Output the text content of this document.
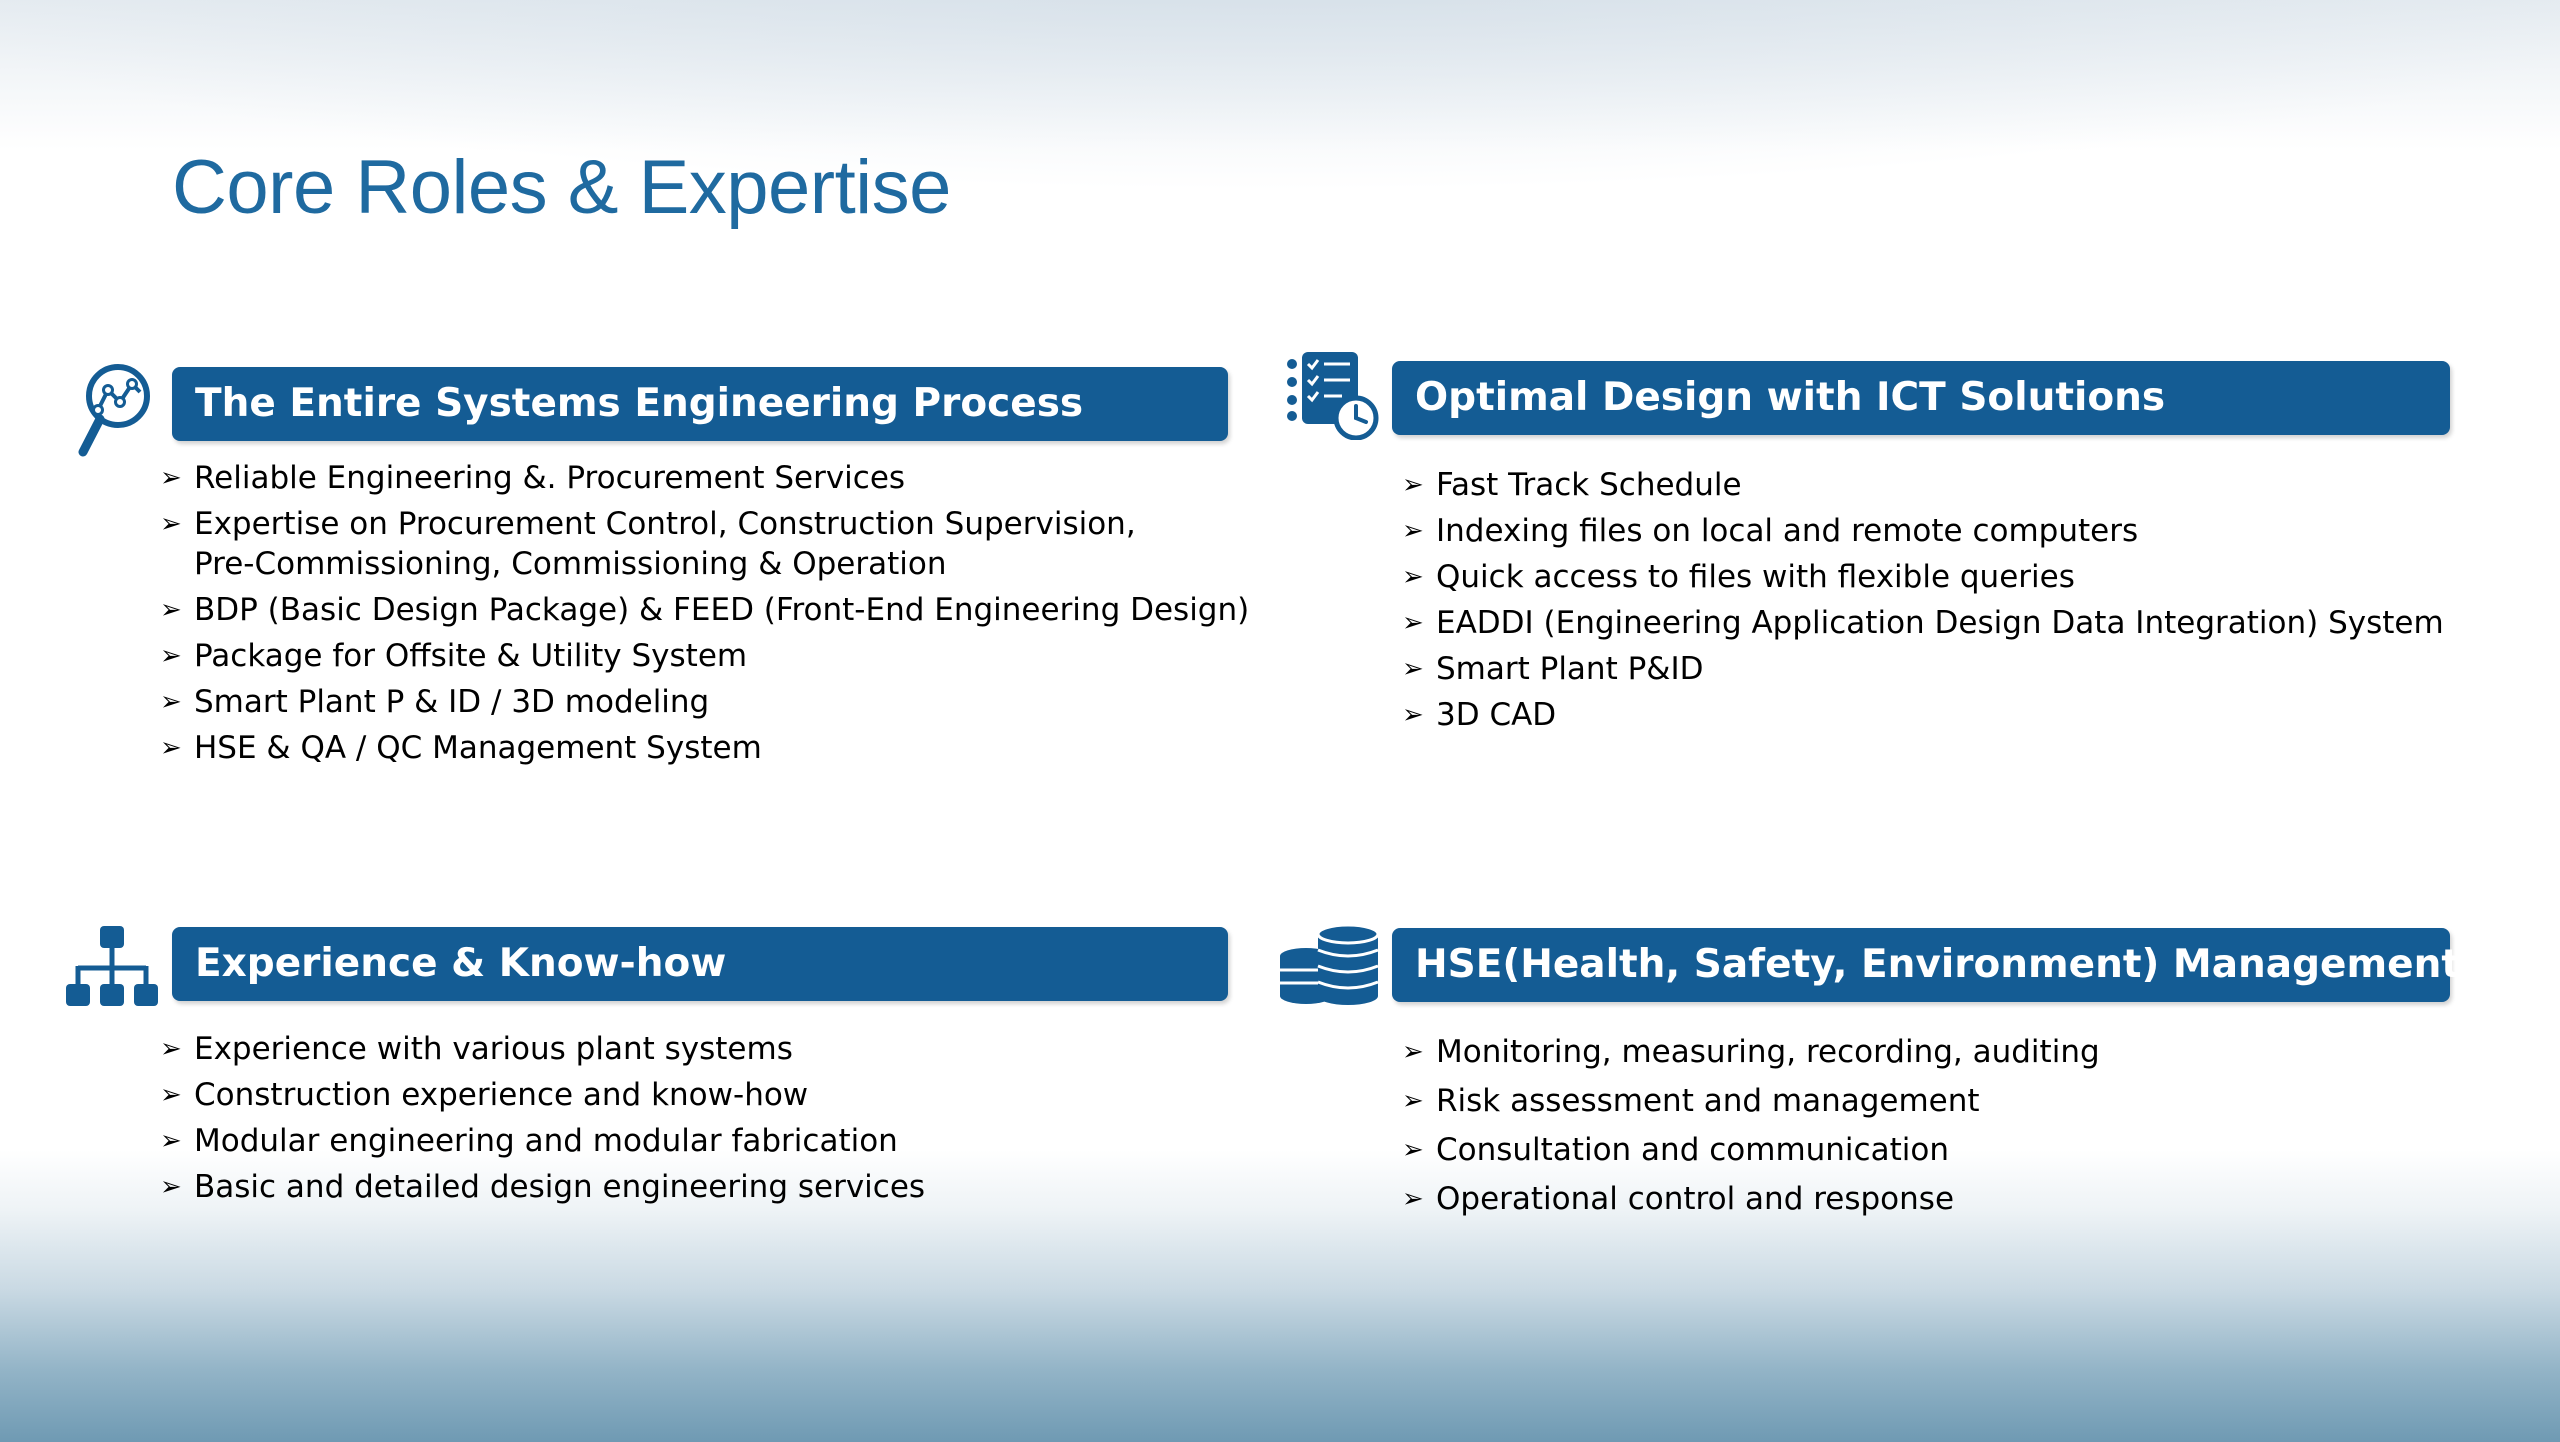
Core Roles & Expertise
The Entire Systems Engineering Process
➢ Reliable Engineering &. Procurement Services
➢ Expertise on Procurement Control, Construction Supervision,
Pre-Commissioning, Commissioning & Operation
➢ BDP (Basic Design Package) & FEED (Front-End Engineering Design)
➢ Package for Offsite & Utility System
➢ Smart Plant P & ID / 3D modeling
➢ HSE & QA / QC Management System
Optimal Design with ICT Solutions
➢ Fast Track Schedule
➢ Indexing files on local and remote computers
➢ Quick access to files with flexible queries
➢ EADDI (Engineering Application Design Data Integration) System
➢ Smart Plant P&ID
➢ 3D CAD
Experience & Know-how
➢ Experience with various plant systems
➢ Construction experience and know-how
➢ Modular engineering and modular fabrication
➢ Basic and detailed design engineering services
HSE(Health, Safety, Environment) Management
➢ Monitoring, measuring, recording, auditing
➢ Risk assessment and management
➢ Consultation and communication
➢ Operational control and response
